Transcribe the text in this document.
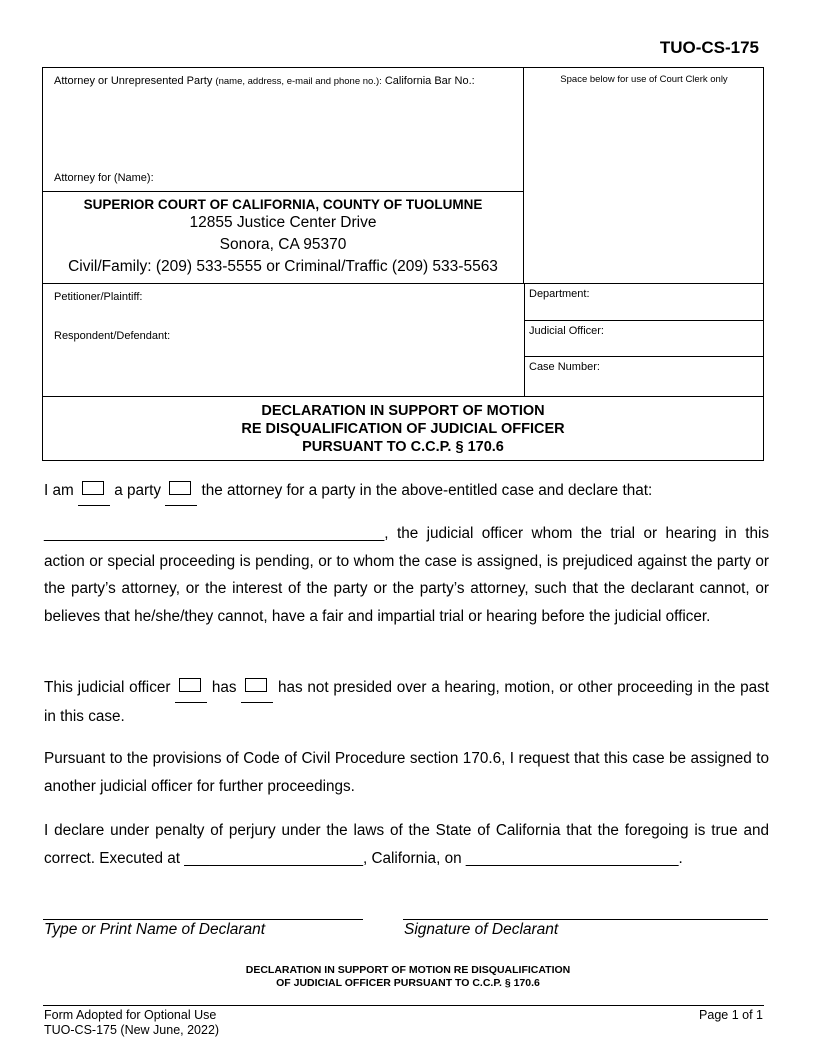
TUO-CS-175
Attorney or Unrepresented Party (name, address, e-mail and phone no.): California Bar No.:
Attorney for (Name):
Space below for use of Court Clerk only
SUPERIOR COURT OF CALIFORNIA, COUNTY OF TUOLUMNE
12855 Justice Center Drive
Sonora, CA 95370
Civil/Family: (209) 533-5555 or Criminal/Traffic (209) 533-5563
Petitioner/Plaintiff:
Respondent/Defendant:
Department:
Judicial Officer:
Case Number:
DECLARATION IN SUPPORT OF MOTION
RE DISQUALIFICATION OF JUDICIAL OFFICER
PURSUANT TO C.C.P. § 170.6
I am	a party	the attorney for a party in the above-entitled case and declare that:
________________________________________, the judicial officer whom the trial or hearing in this action or special proceeding is pending, or to whom the case is assigned, is prejudiced against the party or the party’s attorney, or the interest of the party or the party’s attorney, such that the declarant cannot, or believes that he/she/they cannot, have a fair and impartial trial or hearing before the judicial officer.
This judicial officer	has	has not presided over a hearing, motion, or other proceeding in the past in this case.
Pursuant to the provisions of Code of Civil Procedure section 170.6, I request that this case be assigned to another judicial officer for further proceedings.
I declare under penalty of perjury under the laws of the State of California that the foregoing is true and correct. Executed at _____________________, California, on _________________________.
Type or Print Name of Declarant	Signature of Declarant
DECLARATION IN SUPPORT OF MOTION RE DISQUALIFICATION
OF JUDICIAL OFFICER PURSUANT TO C.C.P. § 170.6
Form Adopted for Optional Use
TUO-CS-175 (New June, 2022)
Page 1 of 1
